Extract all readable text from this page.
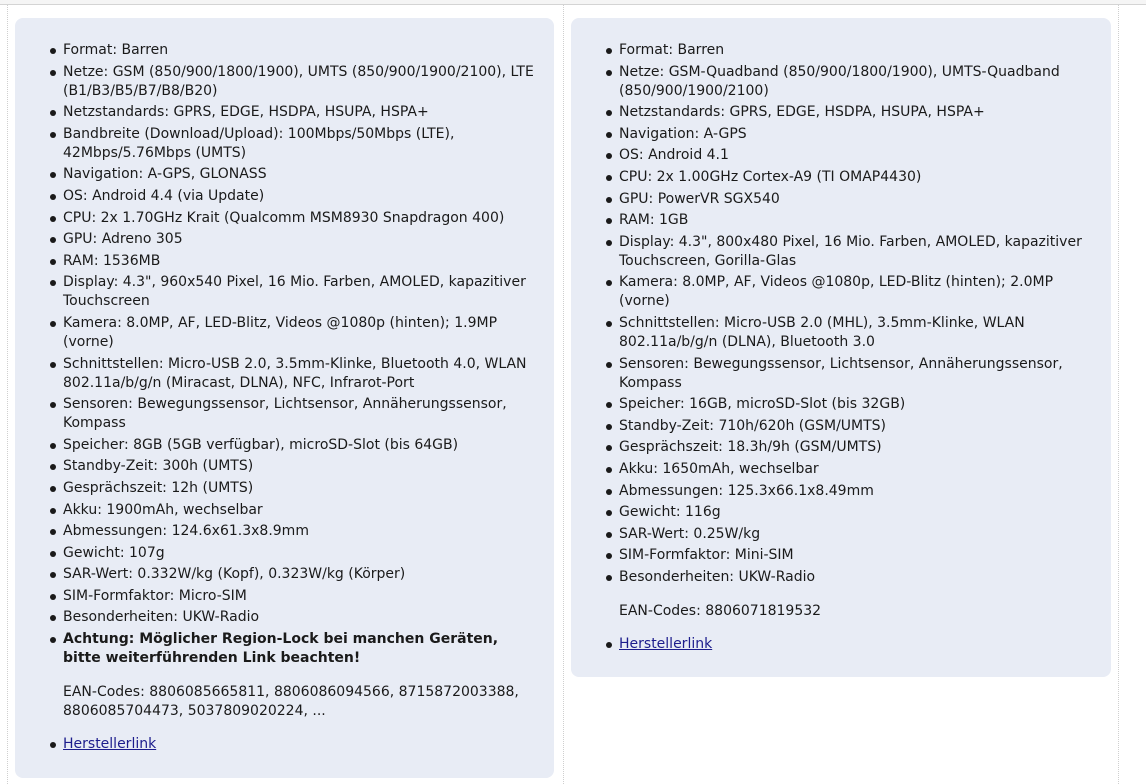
Format: Barren
Netze: GSM (850/900/1800/1900), UMTS (850/900/1900/2100), LTE (B1/B3/B5/B7/B8/B20)
Netzstandards: GPRS, EDGE, HSDPA, HSUPA, HSPA+
Bandbreite (Download/Upload): 100Mbps/50Mbps (LTE), 42Mbps/5.76Mbps (UMTS)
Navigation: A-GPS, GLONASS
OS: Android 4.4 (via Update)
CPU: 2x 1.70GHz Krait (Qualcomm MSM8930 Snapdragon 400)
GPU: Adreno 305
RAM: 1536MB
Display: 4.3", 960x540 Pixel, 16 Mio. Farben, AMOLED, kapazitiver Touchscreen
Kamera: 8.0MP, AF, LED-Blitz, Videos @1080p (hinten); 1.9MP (vorne)
Schnittstellen: Micro-USB 2.0, 3.5mm-Klinke, Bluetooth 4.0, WLAN 802.11a/b/g/n (Miracast, DLNA), NFC, Infrarot-Port
Sensoren: Bewegungssensor, Lichtsensor, Annäherungssensor, Kompass
Speicher: 8GB (5GB verfügbar), microSD-Slot (bis 64GB)
Standby-Zeit: 300h (UMTS)
Gesprächszeit: 12h (UMTS)
Akku: 1900mAh, wechselbar
Abmessungen: 124.6x61.3x8.9mm
Gewicht: 107g
SAR-Wert: 0.332W/kg (Kopf), 0.323W/kg (Körper)
SIM-Formfaktor: Micro-SIM
Besonderheiten: UKW-Radio
Achtung: Möglicher Region-Lock bei manchen Geräten, bitte weiterführenden Link beachten!
EAN-Codes: 8806085665811, 8806086094566, 8715872003388, 8806085704473, 5037809020224, ...
Herstellerlink
Format: Barren
Netze: GSM-Quadband (850/900/1800/1900), UMTS-Quadband (850/900/1900/2100)
Netzstandards: GPRS, EDGE, HSDPA, HSUPA, HSPA+
Navigation: A-GPS
OS: Android 4.1
CPU: 2x 1.00GHz Cortex-A9 (TI OMAP4430)
GPU: PowerVR SGX540
RAM: 1GB
Display: 4.3", 800x480 Pixel, 16 Mio. Farben, AMOLED, kapazitiver Touchscreen, Gorilla-Glas
Kamera: 8.0MP, AF, Videos @1080p, LED-Blitz (hinten); 2.0MP (vorne)
Schnittstellen: Micro-USB 2.0 (MHL), 3.5mm-Klinke, WLAN 802.11a/b/g/n (DLNA), Bluetooth 3.0
Sensoren: Bewegungssensor, Lichtsensor, Annäherungssensor, Kompass
Speicher: 16GB, microSD-Slot (bis 32GB)
Standby-Zeit: 710h/620h (GSM/UMTS)
Gesprächszeit: 18.3h/9h (GSM/UMTS)
Akku: 1650mAh, wechselbar
Abmessungen: 125.3x66.1x8.49mm
Gewicht: 116g
SAR-Wert: 0.25W/kg
SIM-Formfaktor: Mini-SIM
Besonderheiten: UKW-Radio
EAN-Codes: 8806071819532
Herstellerlink
